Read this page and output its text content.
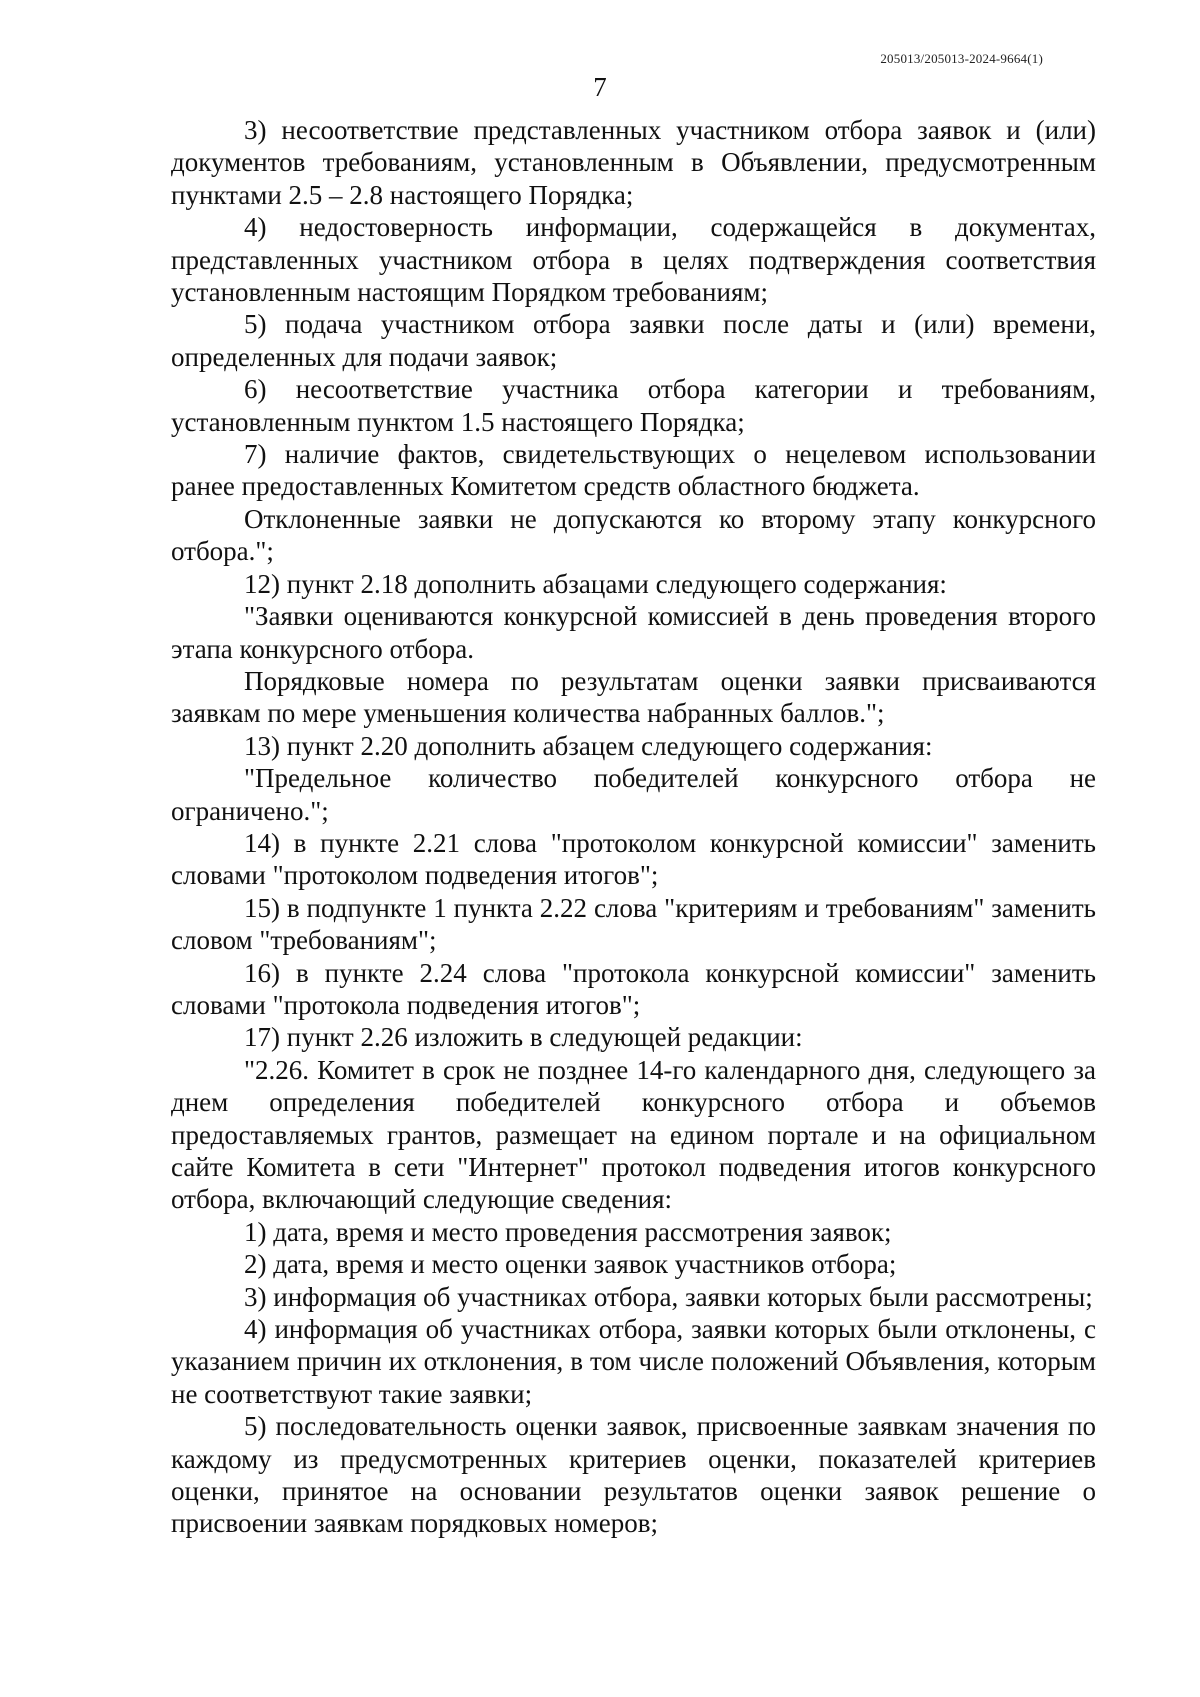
205013/205013-2024-9664(1)
7

3) несоответствие представленных участником отбора заявок и (или) документов требованиям, установленным в Объявлении, предусмотренным пунктами 2.5 – 2.8 настоящего Порядка;

4) недостоверность информации, содержащейся в документах, представленных участником отбора в целях подтверждения соответствия установленным настоящим Порядком требованиям;

5) подача участником отбора заявки после даты и (или) времени, определенных для подачи заявок;

6) несоответствие участника отбора категории и требованиям, установленным пунктом 1.5 настоящего Порядка;

7) наличие фактов, свидетельствующих о нецелевом использовании ранее предоставленных Комитетом средств областного бюджета.

Отклоненные заявки не допускаются ко второму этапу конкурсного отбора.";

12) пункт 2.18 дополнить абзацами следующего содержания:

"Заявки оцениваются конкурсной комиссией в день проведения второго этапа конкурсного отбора.

Порядковые номера по результатам оценки заявки присваиваются заявкам по мере уменьшения количества набранных баллов.";

13) пункт 2.20 дополнить абзацем следующего содержания:

"Предельное количество победителей конкурсного отбора не ограничено.";

14) в пункте 2.21 слова "протоколом конкурсной комиссии" заменить словами "протоколом подведения итогов";

15) в подпункте 1 пункта 2.22 слова "критериям и требованиям" заменить словом "требованиям";

16) в пункте 2.24 слова "протокола конкурсной комиссии" заменить словами "протокола подведения итогов";

17) пункт 2.26 изложить в следующей редакции:

"2.26. Комитет в срок не позднее 14-го календарного дня, следующего за днем определения победителей конкурсного отбора и объемов предоставляемых грантов, размещает на едином портале и на официальном сайте Комитета в сети "Интернет" протокол подведения итогов конкурсного отбора, включающий следующие сведения:

1) дата, время и место проведения рассмотрения заявок;

2) дата, время и место оценки заявок участников отбора;

3) информация об участниках отбора, заявки которых были рассмотрены;

4) информация об участниках отбора, заявки которых были отклонены, с указанием причин их отклонения, в том числе положений Объявления, которым не соответствуют такие заявки;

5) последовательность оценки заявок, присвоенные заявкам значения по каждому из предусмотренных критериев оценки, показателей критериев оценки, принятое на основании результатов оценки заявок решение о присвоении заявкам порядковых номеров;
